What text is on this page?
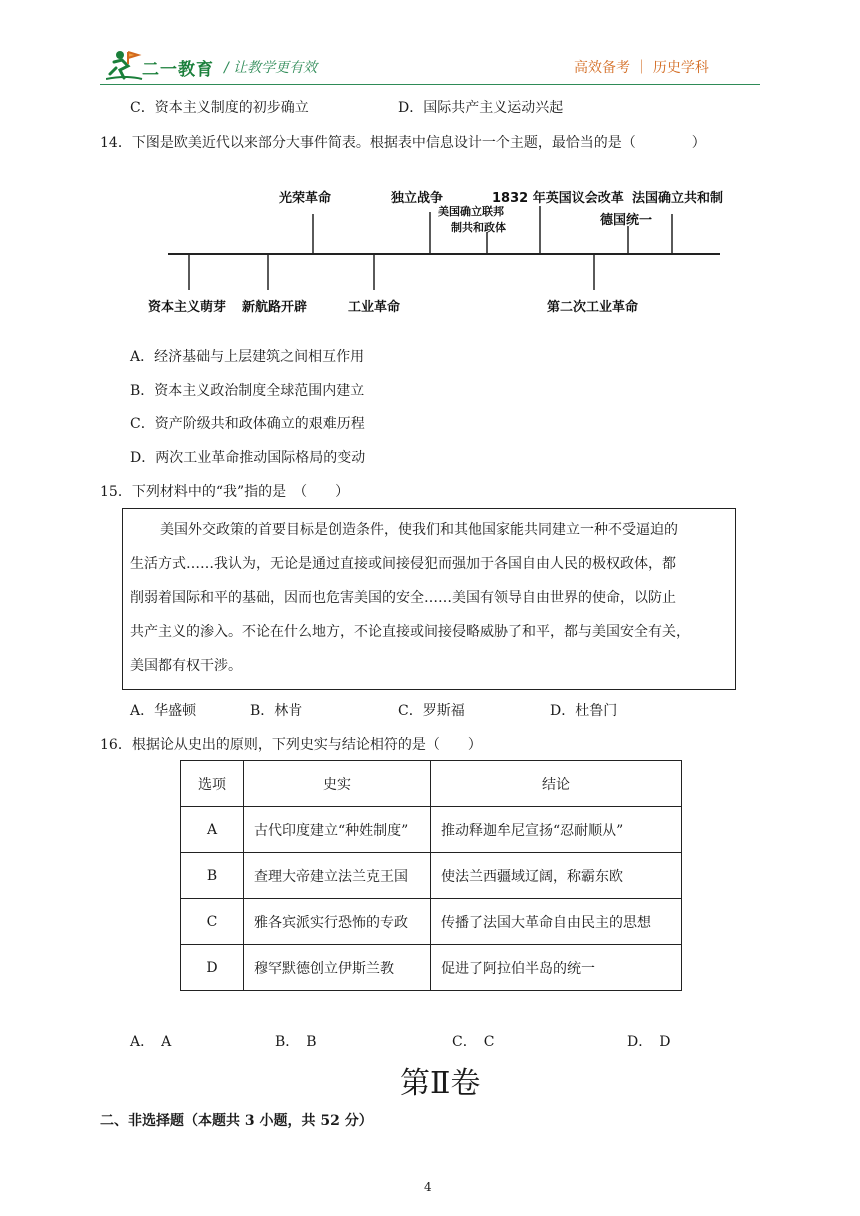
二一教育 / 让教学更有效	高效备考 ｜ 历史学科
C．资本主义制度的初步确立	D．国际共产主义运动兴起
14．下图是欧美近代以来部分大事件简表。根据表中信息设计一个主题，最恰当的是（　　　　）
光荣革命	独立战争
美国确立联邦
制共和政体
1832 年英国议会改革
德国统一
法国确立共和制
资本主义萌芽 新航路开辟	工业革命	第二次工业革命
A．经济基础与上层建筑之间相互作用
B．资本主义政治制度全球范围内建立
C．资产阶级共和政体确立的艰难历程
D．两次工业革命推动国际格局的变动
15．下列材料中的“我”指的是　（　　）
美国外交政策的首要目标是创造条件，使我们和其他国家能共同建立一种不受逼迫的
生活方式……我认为，无论是通过直接或间接侵犯而强加于各国自由人民的极权政体，都
削弱着国际和平的基础，因而也危害美国的安全……美国有领导自由世界的使命，以防止
共产主义的渗入。不论在什么地方，不论直接或间接侵略威胁了和平，都与美国安全有关，
美国都有权干涉。
A．华盛顿	B．林肯	C．罗斯福	D．杜鲁门
16．根据论从史出的原则，下列史实与结论相符的是（　　）
选项	史实	结论
A	古代印度建立“种姓制度”	推动释迦牟尼宣扬“忍耐顺从”
B	查理大帝建立法兰克王国	使法兰西疆域辽阔，称霸东欧
C	雅各宾派实行恐怖的专政	传播了法国大革命自由民主的思想
D	穆罕默德创立伊斯兰教	促进了阿拉伯半岛的统一
A．　A	B．　B	C．　C	D．　D
第Ⅱ卷
二、非选择题（本题共 3 小题，共 52 分）
4
